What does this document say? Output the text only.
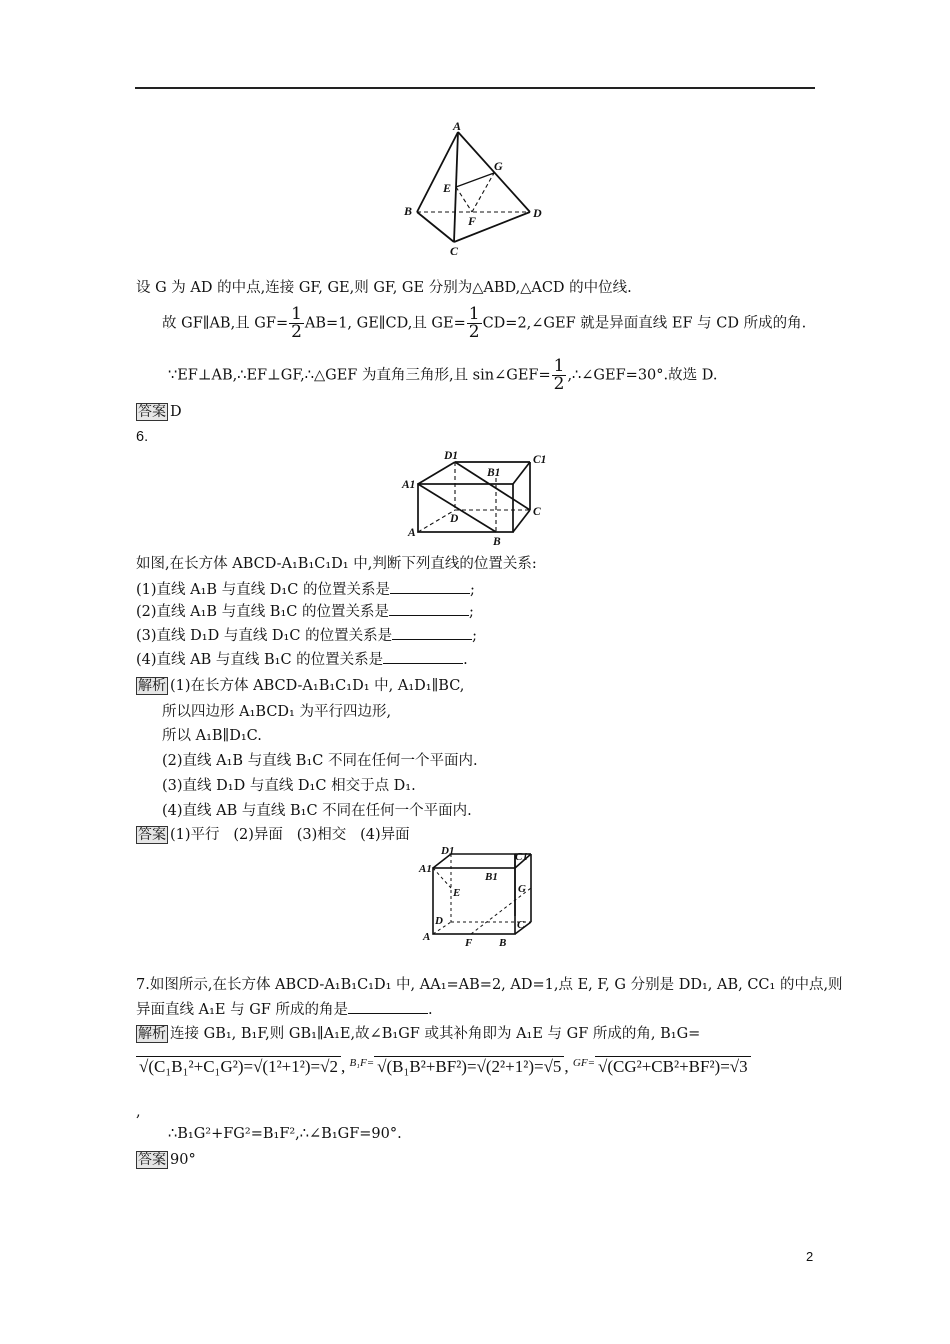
A
G
E
B
F
D
C
设 G 为 AD 的中点,连接 GF, GE,则 GF, GE 分别为△ABD,△ACD 的中位线.
故 GF∥AB,且 $GF= \frac{1}{2} AB=1$, GE∥CD,且 $GE= \frac{1}{2}$ CD=2,∠GEF 就是异面直线 EF 与 CD 所成的角.
∵EF⊥AB,∴EF⊥GF,∴△GEF 为直角三角形,且 sin∠GEF= $\frac{1}{2}$ ,∴∠GEF=30°.故选 D.
答案 D
6.
D1	C1
B1
A1
D
C
A
B
如图,在长方体 ABCD-A₁B₁C₁D₁ 中,判断下列直线的位置关系:
(1)直线 A₁B 与直线 D₁C 的位置关系是	;
(2)直线 A₁B 与直线 B₁C 的位置关系是	;
(3)直线 D₁D 与直线 D₁C 的位置关系是	;
(4)直线 AB 与直线 B₁C 的位置关系是	.
解析 (1)在长方体 ABCD-A₁B₁C₁D₁ 中, A₁D₁∥BC,
所以四边形 A₁BCD₁ 为平行四边形,
所以 A₁B∥D₁C.
(2)直线 A₁B 与直线 B₁C 不同在任何一个平面内.
(3)直线 D₁D 与直线 D₁C 相交于点 D₁.
(4)直线 AB 与直线 B₁C 不同在任何一个平面内.
答案 (1)平行   (2)异面   (3)相交   (4)异面
D1	C1
A1
B1
E	G
D	C
A	F B
7.如图所示,在长方体 ABCD-A₁B₁C₁D₁ 中, AA₁=AB=2, AD=1,点 E, F, G 分别是 DD₁, AB, CC₁ 的中点,则
异面直线 A₁E 与 GF 所成的角是	.
解析 连接 GB₁, B₁F,则 GB₁∥A₁E,故∠B₁GF 或其补角即为 A₁E 与 GF 所成的角, B₁G=
√(C₁B₁²+C₁G²)=√(1²+1²)=√2 , $^{B_1F=}$ √(B₁B²+BF²)=√(2²+1²)=√5 , $^{GF=}$ √(CG²+CB²+BF²)=√3
,
∴B₁G²+FG²=B₁F²,∴∠B₁GF=90°.
答案 90°
2
